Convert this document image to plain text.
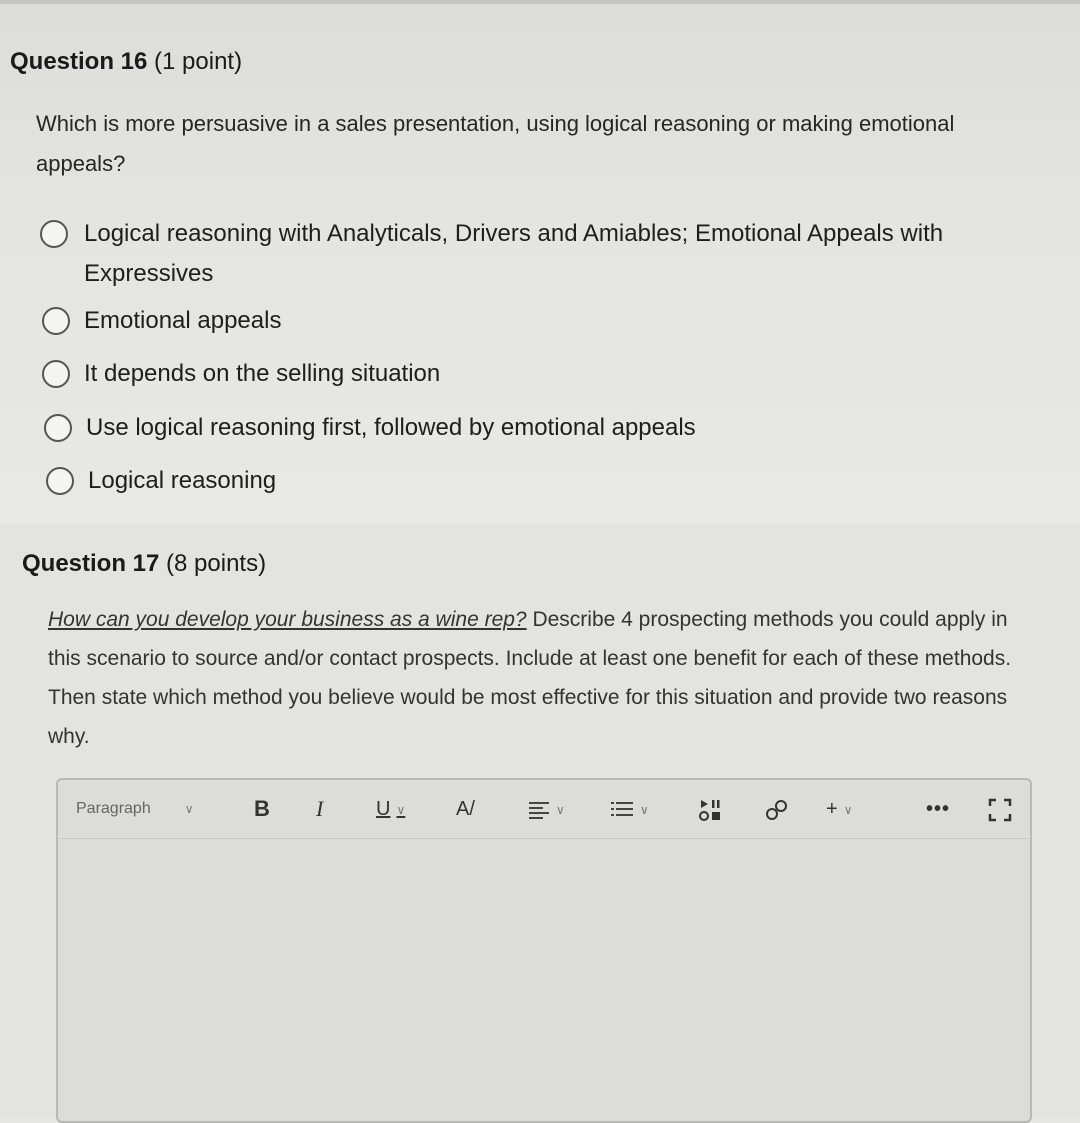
Question 16 (1 point)
Which is more persuasive in a sales presentation, using logical reasoning or making emotional appeals?
Logical reasoning with Analyticals, Drivers and Amiables; Emotional Appeals with Expressives
Emotional appeals
It depends on the selling situation
Use logical reasoning first, followed by emotional appeals
Logical reasoning
Question 17 (8 points)
How can you develop your business as a wine rep? Describe 4 prospecting methods you could apply in this scenario to source and/or contact prospects. Include at least one benefit for each of these methods. Then state which method you believe would be most effective for this situation and provide two reasons why.
Paragraph	∨	B I	U ∨	A/	∨	∨	+ ∨	•••
